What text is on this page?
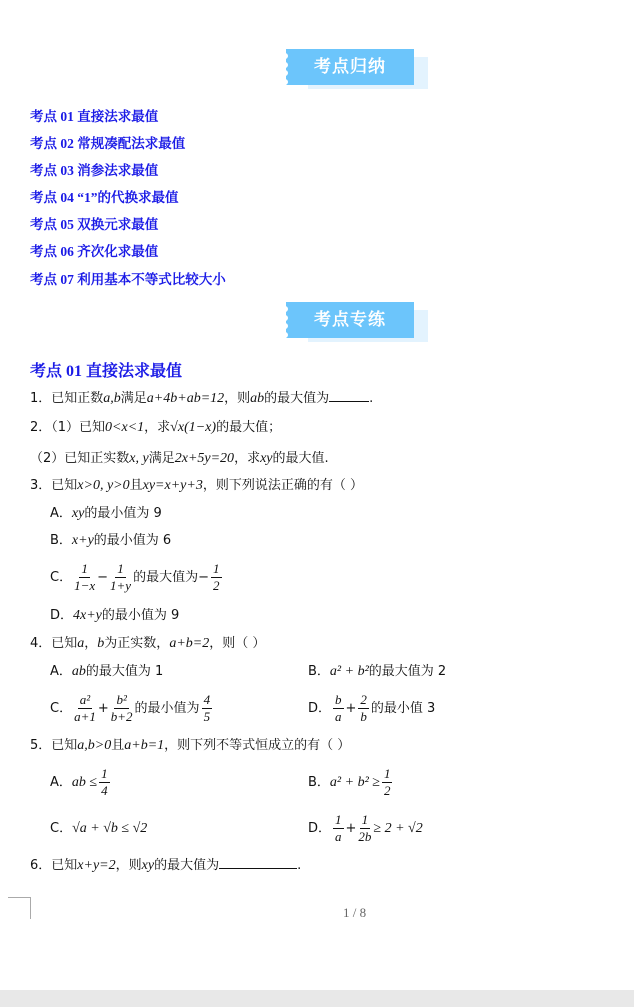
考点归纳
考点 01 直接法求最值
考点 02 常规凑配法求最值
考点 03 消参法求最值
考点 04 “1”的代换求最值
考点 05 双换元求最值
考点 06 齐次化求最值
考点 07 利用基本不等式比较大小
考点专练
考点 01 直接法求最值
1．已知正数a,b满足a+4b+ab=12，则ab的最大值为	.
2．（1）已知0<x<1，求√x(1−x)的最大值；
（2）已知正实数x, y满足2x+5y=20，求xy的最大值.
3．已知x>0, y>0且xy=x+y+3，则下列说法正确的有（ ）
A．xy的最小值为 9
B．x+y的最小值为 6
C． $\frac{1}{1-x} - \frac{1}{1+y}$ 的最大值为− $\frac{1}{2}$
D．4x+y的最小值为 9
4．已知a，b为正实数，a+b=2，则（ ）
A．ab的最大值为 1	B．a² + b²的最大值为 2
C． $\frac{\text{a²}}{a+1} + \frac{\text{b²}}{b+2}$ 的最小值为 $\frac{4}{5}$	D． $\frac{b}{a} + \frac{2}{b}$ 的最小值 3
5．已知a,b>0且a+b=1，则下列不等式恒成立的有（ ）
A．ab ≤ $\frac{1}{4}$	B．$a^2 + b^2 \ge \frac{1}{2}$
C．√a + √b ≤ √2	D． $\frac{1}{a} + \frac{1}{2b} \ge 2 + √2$
6．已知x+y=2，则xy的最大值为	.
1 / 8
